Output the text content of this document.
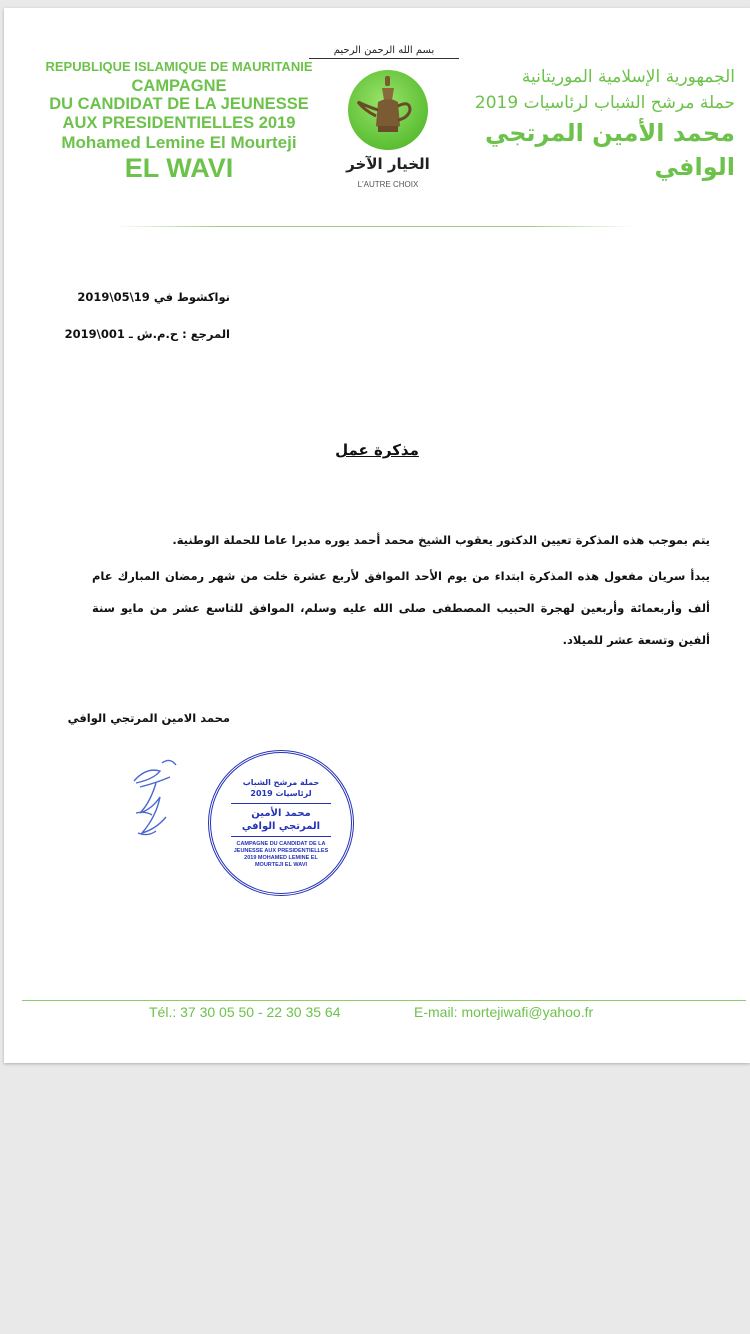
بسم الله الرحمن الرحيم
REPUBLIQUE ISLAMIQUE DE MAURITANIE
CAMPAGNE
DU CANDIDAT DE LA JEUNESSE
AUX PRESIDENTIELLES 2019
Mohamed Lemine El Mourteji
EL WAVI	الخيار الآخر
L'AUTRE CHOIX
الجمهورية الإسلامية الموريتانية
حملة مرشح الشباب لرئاسيات 2019
محمد الأمين المرتجي الوافي
نواكشوط في 19\05\2019
المرجع : ح.م.ش ـ 001\2019
مذكرة عمل

يتم بموجب هذه المذكرة تعيين الدكتور يعقوب الشيخ محمد أحمد يوره مديرا عاما للحملة الوطنية.

يبدأ سريان مفعول هذه المذكرة ابتداء من يوم الأحد الموافق لأربع عشرة خلت من شهر رمضان المبارك عام ألف وأربعمائة وأربعين لهجرة الحبيب المصطفى صلى الله عليه وسلم، الموافق للتاسع عشر من مايو سنة ألفين وتسعة عشر للميلاد.

محمد الامين المرتجي الوافي
حملة مرشح الشباب لرئاسيات 2019
محمد الأمين المرتجي الوافي
CAMPAGNE DU CANDIDAT DE LA JEUNESSE AUX PRESIDENTIELLES 2019 MOHAMED LEMINE EL MOURTEJI EL WAVI
Tél.: 37 30 05 50 - 22 30 35 64	E-mail: mortejiwafi@yahoo.fr
